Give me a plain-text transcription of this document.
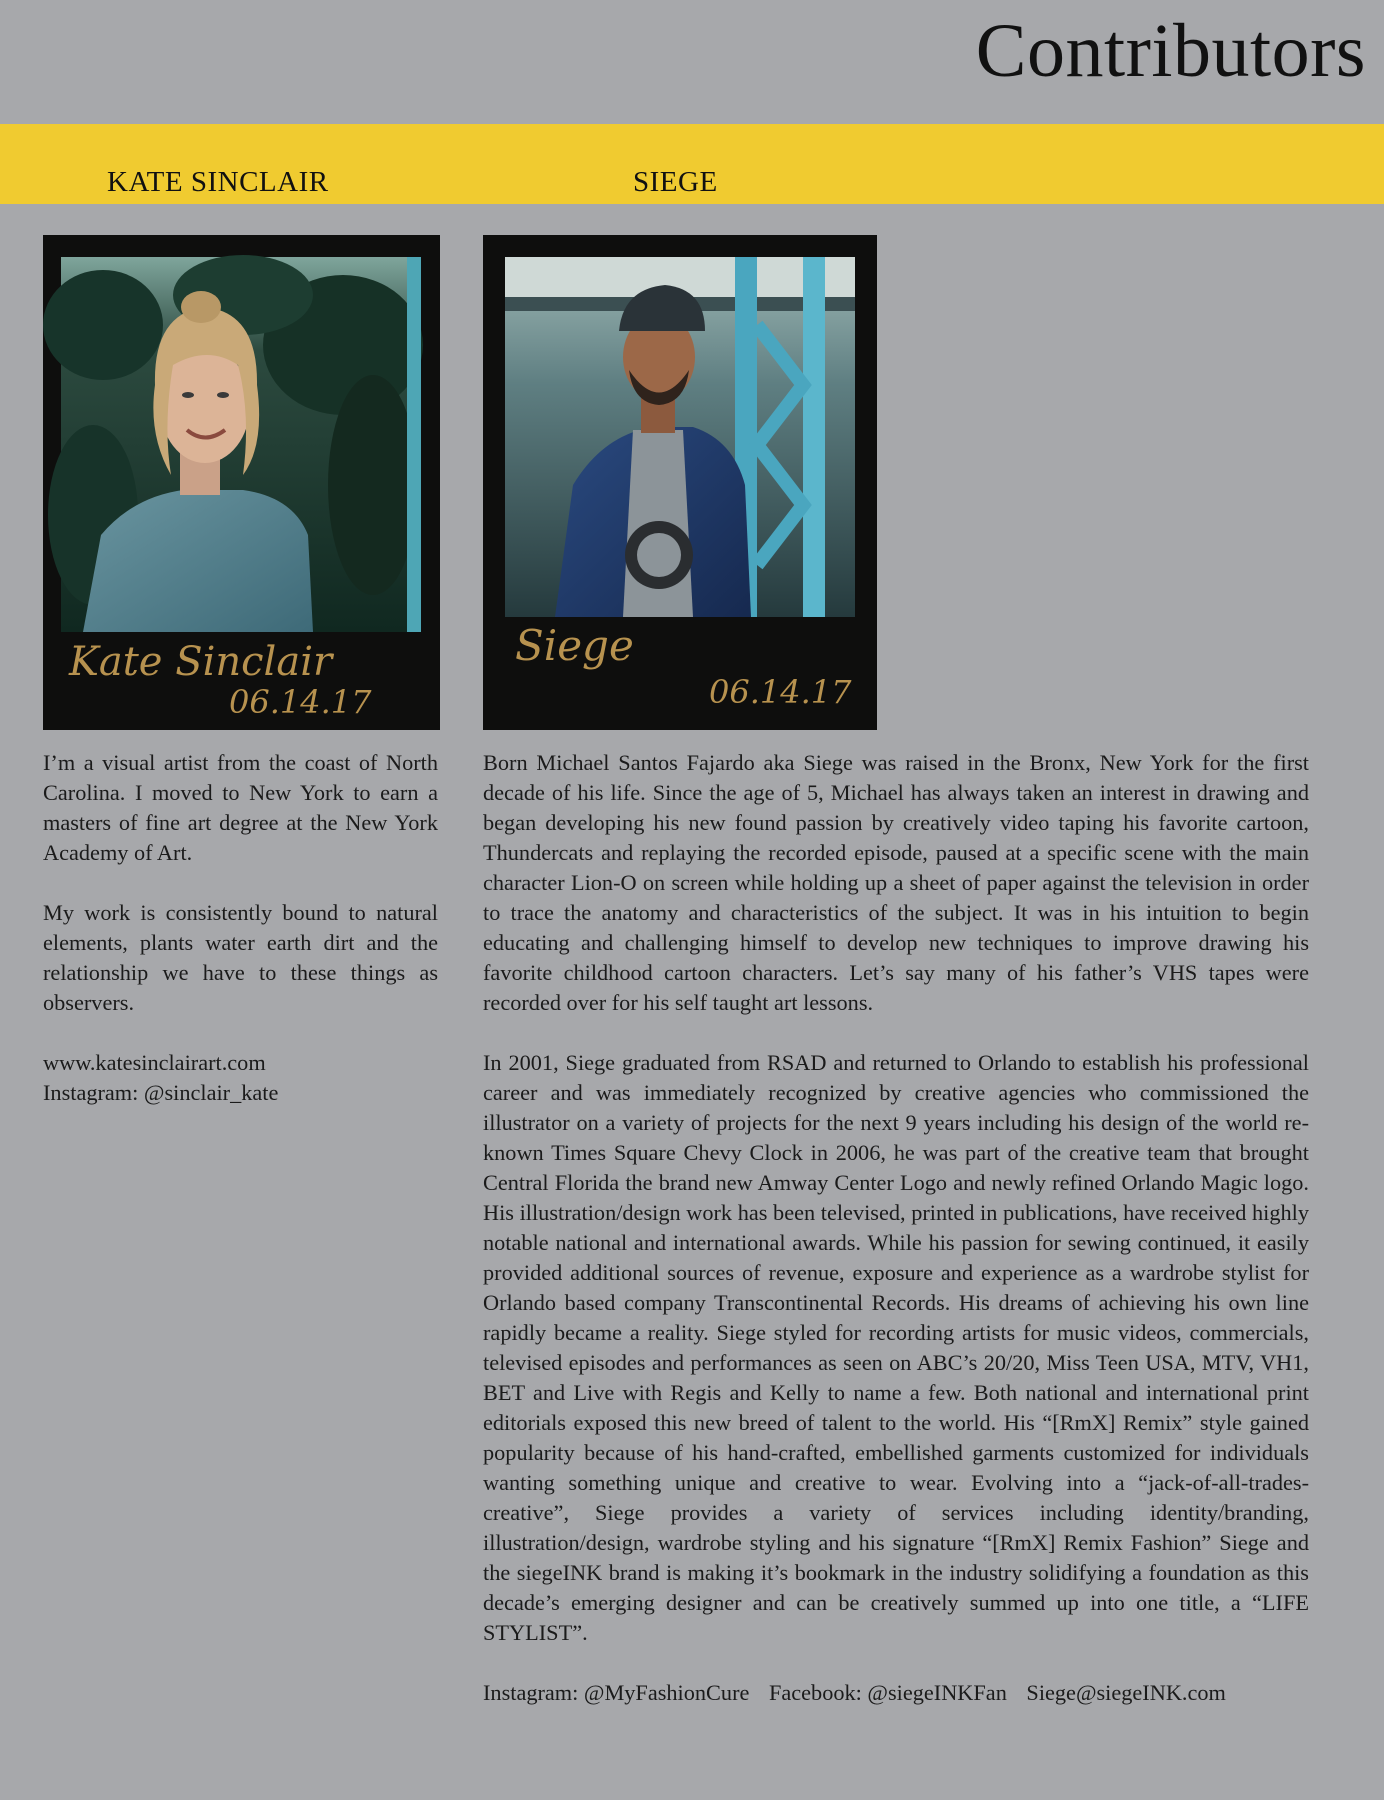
Contributors
KATE SINCLAIR	SIEGE
Kate Sinclair
06.14.17
Siege
06.14.17

I’m a visual artist from the coast of North Carolina. I moved to New York to earn a masters of fine art degree at the New York Academy of Art.

My work is consistently bound to natural elements, plants water earth dirt and the relationship we have to these things as observers.

www.katesinclairart.com
Instagram: @sinclair_kate

Born Michael Santos Fajardo aka Siege was raised in the Bronx, New York for the first decade of his life. Since the age of 5, Michael has always taken an interest in drawing and began developing his new found passion by creatively video taping his favorite cartoon, Thundercats and replaying the recorded episode, paused at a specific scene with the main character Lion-O on screen while holding up a sheet of paper against the television in order to trace the anatomy and characteristics of the subject. It was in his intuition to begin educating and challenging himself to develop new techniques to improve drawing his favorite childhood cartoon characters. Let’s say many of his father’s VHS tapes were recorded over for his self taught art lessons.

In 2001, Siege graduated from RSAD and returned to Orlando to establish his professional career and was immediately recognized by creative agencies who commissioned the illustrator on a variety of projects for the next 9 years including his design of the world re-known Times Square Chevy Clock in 2006, he was part of the creative team that brought Central Florida the brand new Amway Center Logo and newly refined Orlando Magic logo. His illustration/design work has been televised, printed in publications, have received highly notable national and international awards. While his passion for sewing continued, it easily provided additional sources of revenue, exposure and experience as a wardrobe stylist for Orlando based company Transcontinental Records. His dreams of achieving his own line rapidly became a reality. Siege styled for recording artists for music videos, commercials, televised episodes and performances as seen on ABC’s 20/20, Miss Teen USA, MTV, VH1, BET and Live with Regis and Kelly to name a few. Both national and international print editorials exposed this new breed of talent to the world. His “[RmX] Remix” style gained popularity because of his hand-crafted, embellished garments customized for individuals wanting something unique and creative to wear. Evolving into a “jack-of-all-trades-creative”, Siege provides a variety of services including identity/branding, illustration/design, wardrobe styling and his signature “[RmX] Remix Fashion” Siege and the siegeINK brand is making it’s bookmark in the industry solidifying a foundation as this decade’s emerging designer and can be creatively summed up into one title, a “LIFE STYLIST”.

Instagram: @MyFashionCure Facebook: @siegeINKFan Siege@siegeINK.com
